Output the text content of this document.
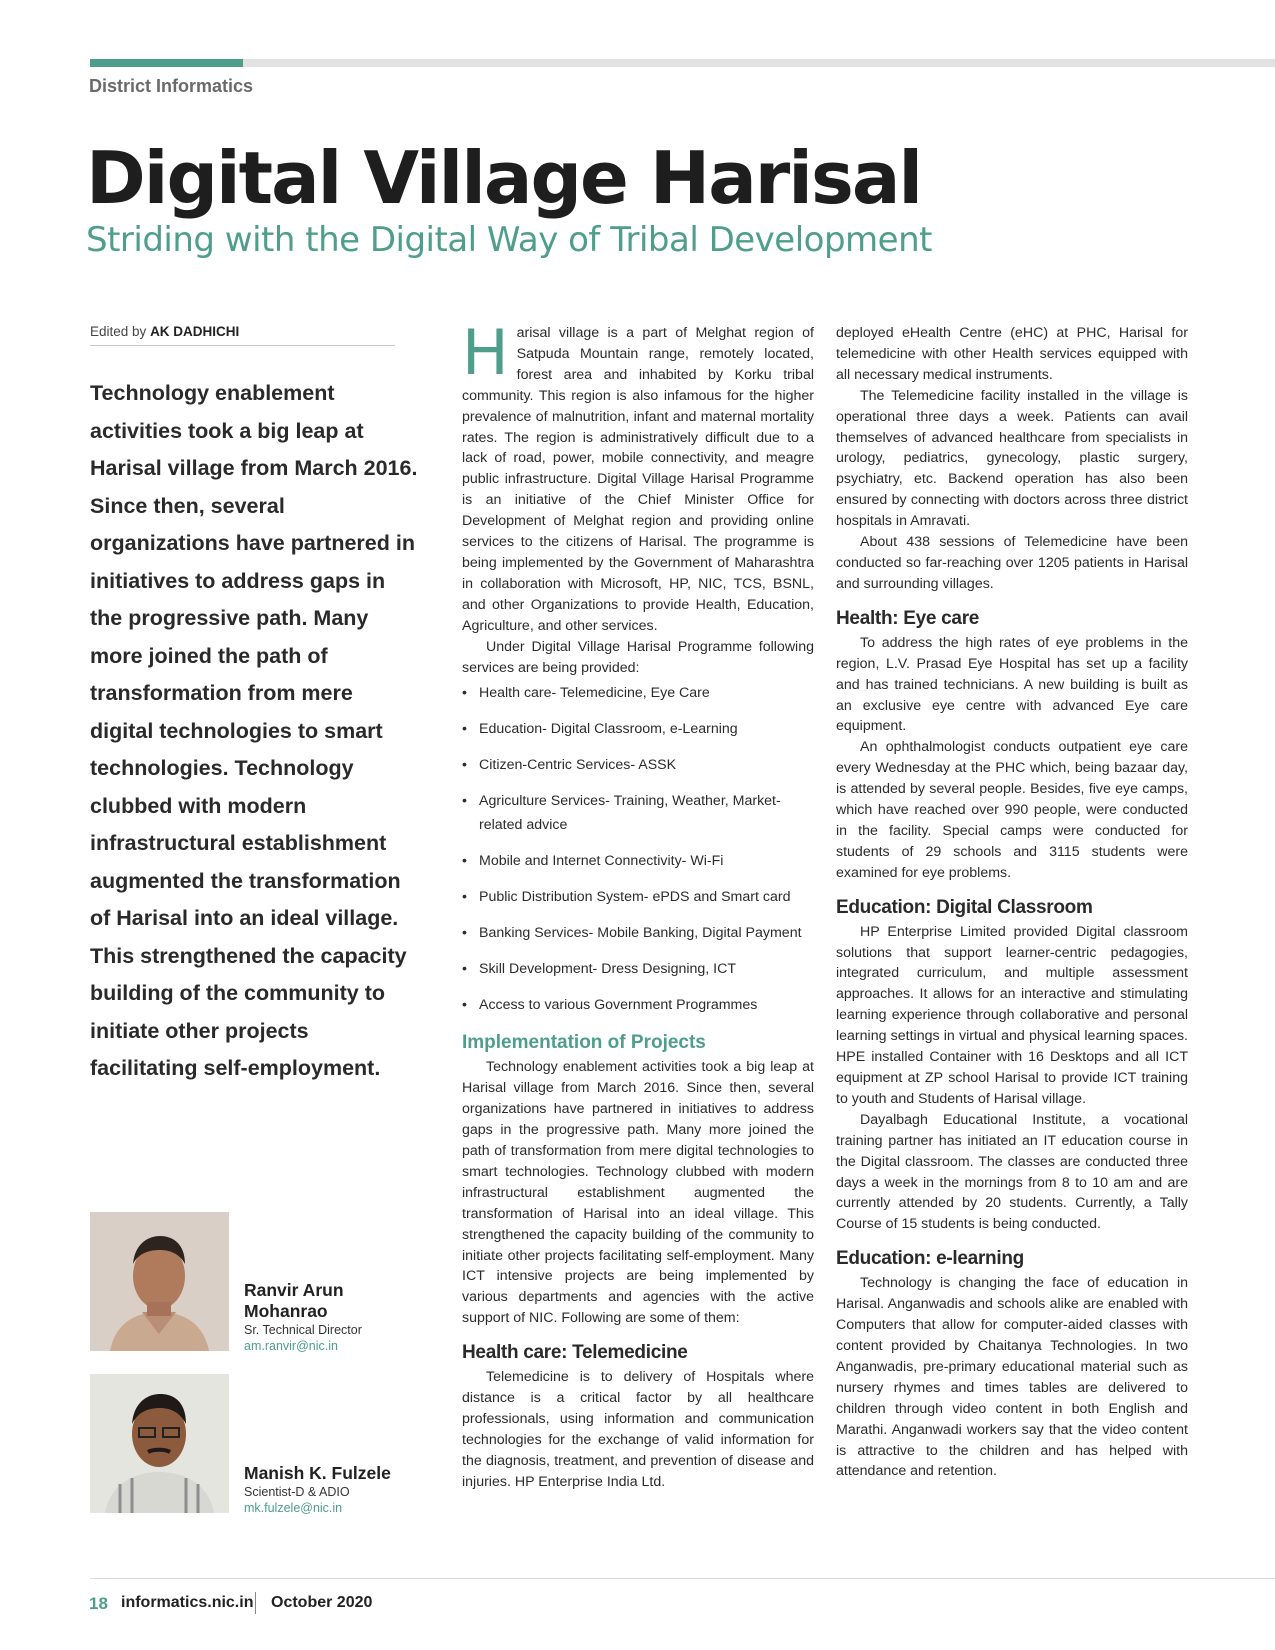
District Informatics
Digital Village Harisal
Striding with the Digital Way of Tribal Development
Edited by AK DADHICHI

Technology enablement activities took a big leap at Harisal village from March 2016. Since then, several organizations have partnered in initiatives to address gaps in the progressive path. Many more joined the path of transformation from mere digital technologies to smart technologies. Technology clubbed with modern infrastructural establishment augmented the transformation of Harisal into an ideal village. This strengthened the capacity building of the community to initiate other projects facilitating self-employment.

Harisal village is a part of Melghat region of Satpuda Mountain range, remotely located, forest area and inhabited by Korku tribal community. This region is also infamous for the higher prevalence of malnutrition, infant and maternal mortality rates. The region is administratively difficult due to a lack of road, power, mobile connectivity, and meagre public infrastructure. Digital Village Harisal Programme is an initiative of the Chief Minister Office for Development of Melghat region and providing online services to the citizens of Harisal. The programme is being implemented by the Government of Maharashtra in collaboration with Microsoft, HP, NIC, TCS, BSNL, and other Organizations to provide Health, Education, Agriculture, and other services.

Under Digital Village Harisal Programme following services are being provided:

• Health care- Telemedicine, Eye Care
• Education- Digital Classroom, e-Learning
• Citizen-Centric Services- ASSK
• Agriculture Services- Training, Weather, Market-related advice
• Mobile and Internet Connectivity- Wi-Fi
• Public Distribution System- ePDS and Smart card
• Banking Services- Mobile Banking, Digital Payment
• Skill Development- Dress Designing, ICT
• Access to various Government Programmes
Implementation of Projects

Technology enablement activities took a big leap at Harisal village from March 2016. Since then, several organizations have partnered in initiatives to address gaps in the progressive path. Many more joined the path of transformation from mere digital technologies to smart technologies. Technology clubbed with modern infrastructural establishment augmented the transformation of Harisal into an ideal village. This strengthened the capacity building of the community to initiate other projects facilitating self-employment. Many ICT intensive projects are being implemented by various departments and agencies with the active support of NIC. Following are some of them:

Health care: Telemedicine

Telemedicine is to delivery of Hospitals where distance is a critical factor by all healthcare professionals, using information and communication technologies for the exchange of valid information for the diagnosis, treatment, and prevention of disease and injuries. HP Enterprise India Ltd.

deployed eHealth Centre (eHC) at PHC, Harisal for telemedicine with other Health services equipped with all necessary medical instruments.

The Telemedicine facility installed in the village is operational three days a week. Patients can avail themselves of advanced healthcare from specialists in urology, pediatrics, gynecology, plastic surgery, psychiatry, etc. Backend operation has also been ensured by connecting with doctors across three district hospitals in Amravati.

About 438 sessions of Telemedicine have been conducted so far-reaching over 1205 patients in Harisal and surrounding villages.

Health: Eye care

To address the high rates of eye problems in the region, L.V. Prasad Eye Hospital has set up a facility and has trained technicians. A new building is built as an exclusive eye centre with advanced Eye care equipment.

An ophthalmologist conducts outpatient eye care every Wednesday at the PHC which, being bazaar day, is attended by several people. Besides, five eye camps, which have reached over 990 people, were conducted in the facility. Special camps were conducted for students of 29 schools and 3115 students were examined for eye problems.

Education: Digital Classroom

HP Enterprise Limited provided Digital classroom solutions that support learner-centric pedagogies, integrated curriculum, and multiple assessment approaches. It allows for an interactive and stimulating learning experience through collaborative and personal learning settings in virtual and physical learning spaces. HPE installed Container with 16 Desktops and all ICT equipment at ZP school Harisal to provide ICT training to youth and Students of Harisal village.

Dayalbagh Educational Institute, a vocational training partner has initiated an IT education course in the Digital classroom. The classes are conducted three days a week in the mornings from 8 to 10 am and are currently attended by 20 students. Currently, a Tally Course of 15 students is being conducted.

Education: e-learning

Technology is changing the face of education in Harisal. Anganwadis and schools alike are enabled with Computers that allow for computer-aided classes with content provided by Chaitanya Technologies. In two Anganwadis, pre-primary educational material such as nursery rhymes and times tables are delivered to children through video content in both English and Marathi. Anganwadi workers say that the video content is attractive to the children and has helped with attendance and retention.

Ranvir Arun
Mohanrao
Sr. Technical Director
am.ranvir@nic.in
Manish K. Fulzele
Scientist-D & ADIO
mk.fulzele@nic.in
18 informatics.nic.in October 2020
